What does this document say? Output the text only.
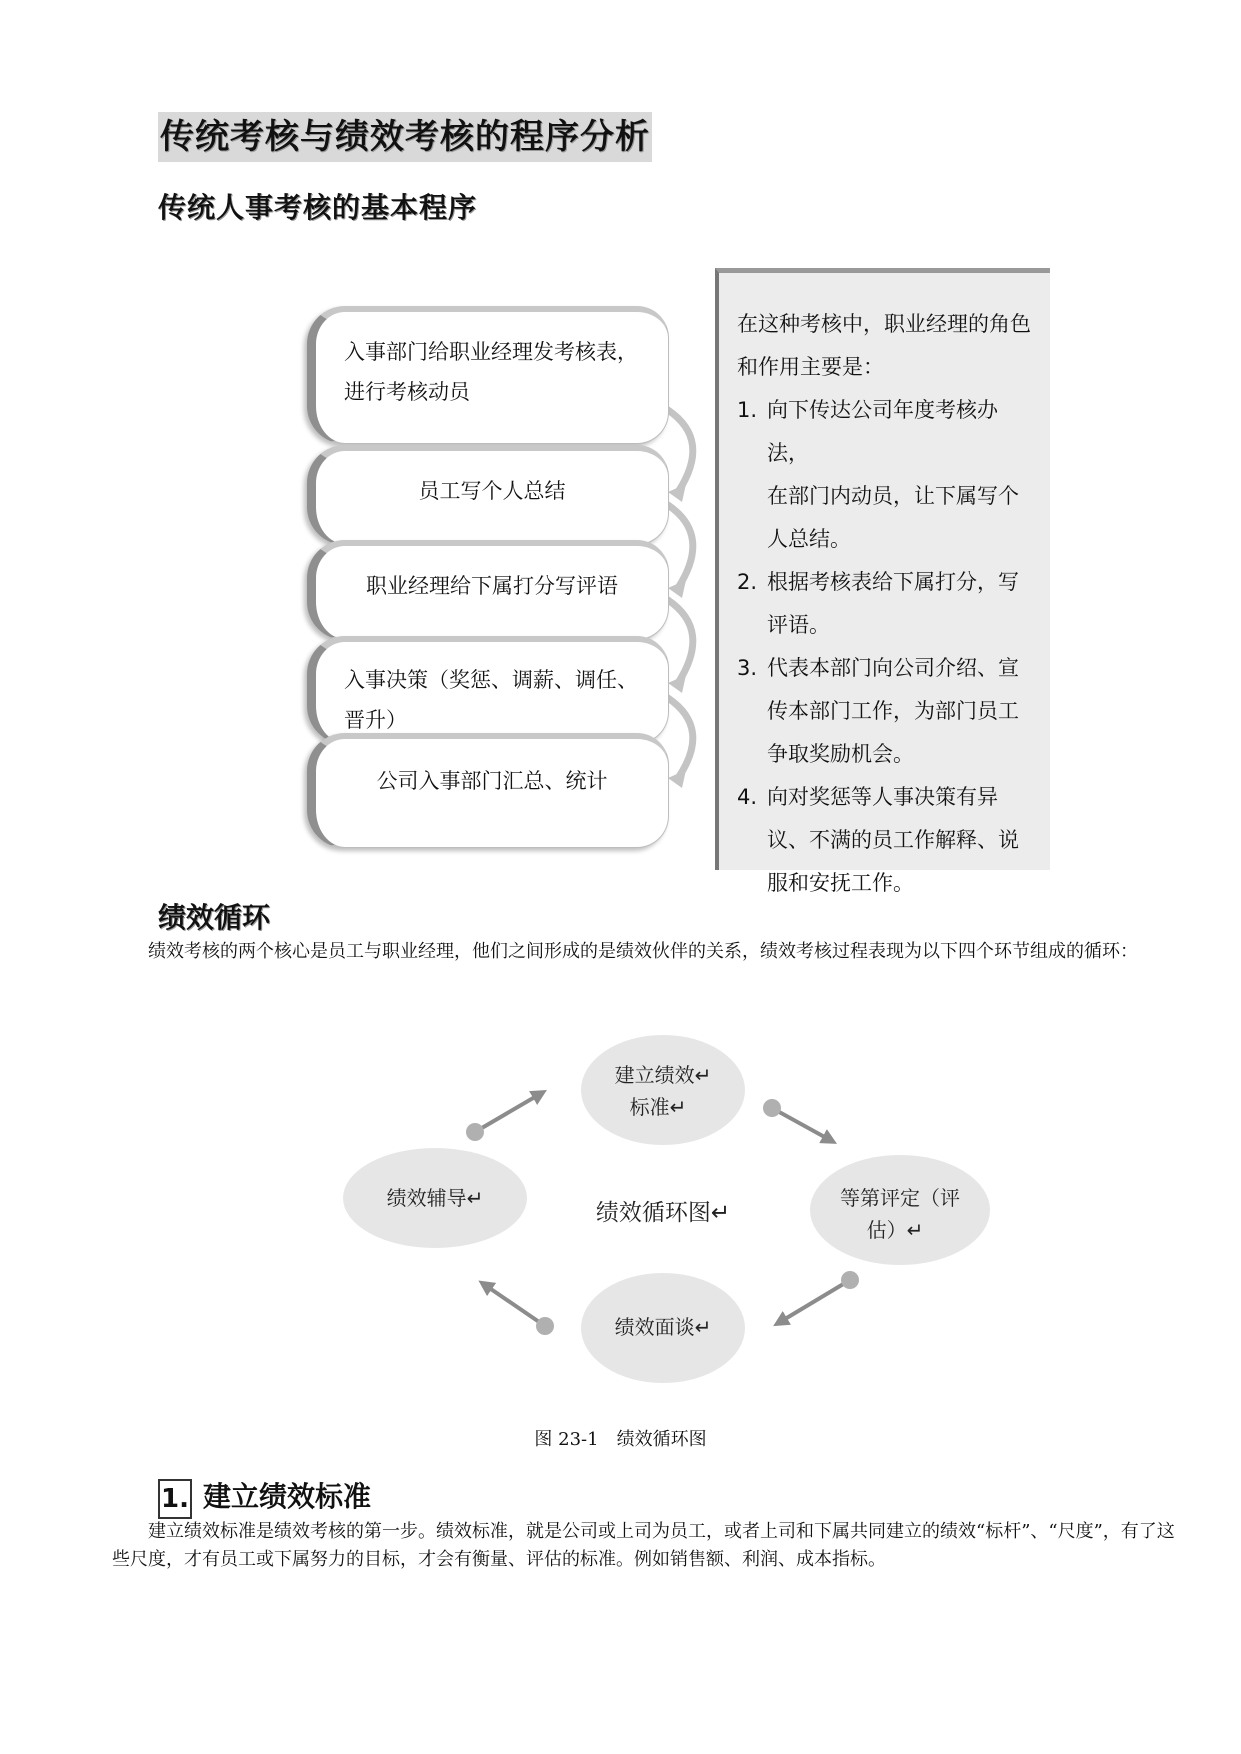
传统考核与绩效考核的程序分析
传统人事考核的基本程序
入事部门给职业经理发考核表，
进行考核动员
员工写个人总结
职业经理给下属打分写评语
入事决策（奖惩、调薪、调任、
晋升）
公司入事部门汇总、统计

在这种考核中，职业经理的角色

和作用主要是：

1. 向下传达公司年度考核办法，
在部门内动员，让下属写个
人总结。
2. 根据考核表给下属打分，写
评语。
3. 代表本部门向公司介绍、宣
传本部门工作，为部门员工
争取奖励机会。
4. 向对奖惩等人事决策有异
议、不满的员工作解释、说
服和安抚工作。
绩效循环
绩效考核的两个核心是员工与职业经理，他们之间形成的是绩效伙伴的关系，绩效考核过程表现为以下四个环节组成的循环：
建立绩效↵
标准↵
等第评定（评
估）↵
绩效面谈↵
绩效辅导↵
绩效循环图↵
图 23-1　绩效循环图
1. 建立绩效标准
建立绩效标准是绩效考核的第一步。绩效标准，就是公司或上司为员工，或者上司和下属共同建立的绩效“标杆”、“尺度”，有了这些尺度，才有员工或下属努力的目标，才会有衡量、评估的标准。例如销售额、利润、成本指标。
